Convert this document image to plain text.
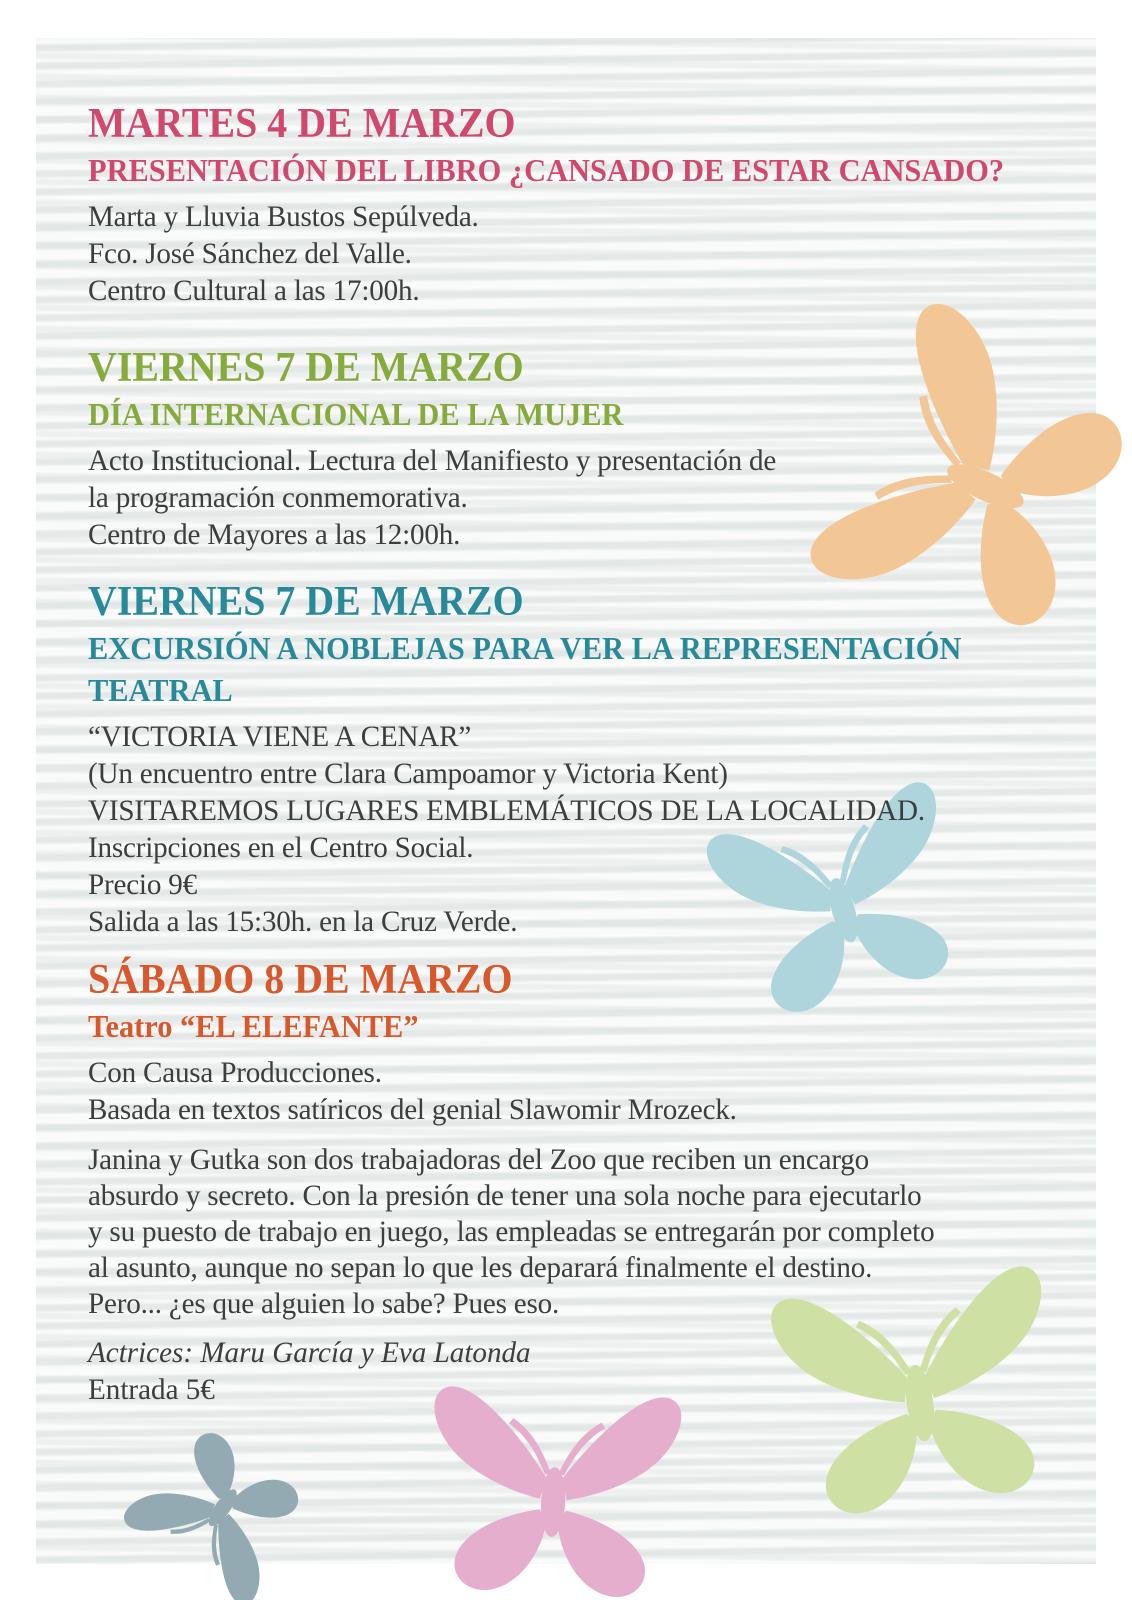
MARTES 4 DE MARZO
PRESENTACIÓN DEL LIBRO ¿CANSADO DE ESTAR CANSADO?
Marta y Lluvia Bustos Sepúlveda.
Fco. José Sánchez del Valle.
Centro Cultural a las 17:00h.
VIERNES 7 DE MARZO
DÍA INTERNACIONAL DE LA MUJER
Acto Institucional. Lectura del Manifiesto y presentación de
la programación conmemorativa.
Centro de Mayores a las 12:00h.
VIERNES 7 DE MARZO
EXCURSIÓN A NOBLEJAS PARA VER LA REPRESENTACIÓN
TEATRAL
“VICTORIA VIENE A CENAR”
(Un encuentro entre Clara Campoamor y Victoria Kent)
VISITAREMOS LUGARES EMBLEMÁTICOS DE LA LOCALIDAD.
Inscripciones en el Centro Social.
Precio 9€
Salida a las 15:30h. en la Cruz Verde.
SÁBADO 8 DE MARZO
Teatro “EL ELEFANTE”
Con Causa Producciones.
Basada en textos satíricos del genial Slawomir Mrozeck.
Janina y Gutka son dos trabajadoras del Zoo que reciben un encargo
absurdo y secreto. Con la presión de tener una sola noche para ejecutarlo
y su puesto de trabajo en juego, las empleadas se entregarán por completo
al asunto, aunque no sepan lo que les deparará finalmente el destino.
Pero... ¿es que alguien lo sabe? Pues eso.
Actrices: Maru García y Eva Latonda
Entrada 5€
